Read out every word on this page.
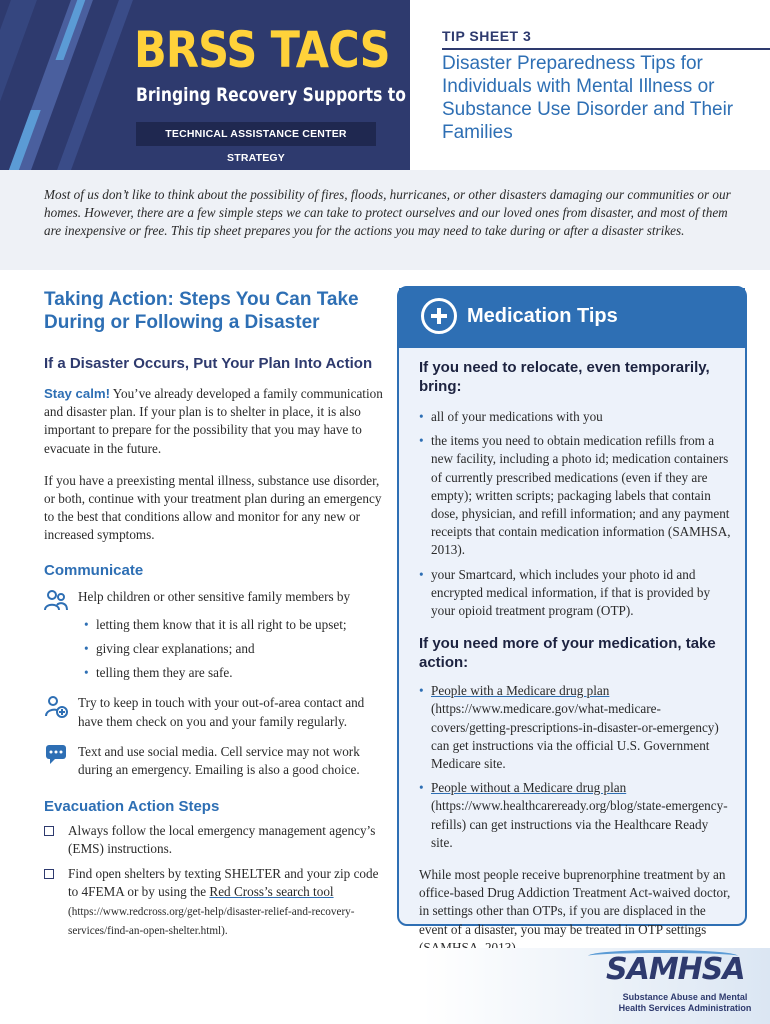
BRSS TACS
Bringing Recovery Supports to Scale
TECHNICAL ASSISTANCE CENTER STRATEGY
TIP SHEET 3
Disaster Preparedness Tips for Individuals with Mental Illness or Substance Use Disorder and Their Families

Most of us don’t like to think about the possibility of fires, floods, hurricanes, or other disasters damaging our communities or our homes. However, there are a few simple steps we can take to protect ourselves and our loved ones from disaster, and most of them are inexpensive or free. This tip sheet prepares you for the actions you may need to take during or after a disaster strikes.

Taking Action: Steps You Can Take During or Following a Disaster
If a Disaster Occurs, Put Your Plan Into Action

Stay calm! You’ve already developed a family communication and disaster plan. If your plan is to shelter in place, it is also important to prepare for the possibility that you may have to evacuate in the future.

If you have a preexisting mental illness, substance use disorder, or both, continue with your treatment plan during an emergency to the best that conditions allow and monitor for any new or increased symptoms.

Communicate
Help children or other sensitive family members by
• letting them know that it is all right to be upset;
• giving clear explanations; and
• telling them they are safe.
Try to keep in touch with your out-of-area contact and have them check on you and your family regularly.
Text and use social media. Cell service may not work during an emergency. Emailing is also a good choice.
Evacuation Action Steps
Always follow the local emergency management agency’s (EMS) instructions.
Find open shelters by texting SHELTER and your zip code to 4FEMA or by using the Red Cross’s search tool (https://www.redcross.org/get-help/disaster-relief-and-recovery-services/find-an-open-shelter.html).
Medication Tips
If you need to relocate, even temporarily, bring:
• all of your medications with you
• the items you need to obtain medication refills from a new facility, including a photo id; medication containers of currently prescribed medications (even if they are empty); written scripts; packaging labels that contain dose, physician, and refill information; and any payment receipts that contain medication information (SAMHSA, 2013).
• your Smartcard, which includes your photo id and encrypted medical information, if that is provided by your opioid treatment program (OTP).
If you need more of your medication, take action:
• People with a Medicare drug plan (https://www.medicare.gov/what-medicare-covers/getting-prescriptions-in-disaster-or-emergency) can get instructions via the official U.S. Government Medicare site.
• People without a Medicare drug plan (https://www.healthcareready.org/blog/state-emergency-refills) can get instructions via the Healthcare Ready site.

While most people receive buprenorphine treatment by an office-based Drug Addiction Treatment Act-waived doctor, in settings other than OTPs, if you are displaced in the event of a disaster, you may be treated in OTP settings

SAMHSA
Substance Abuse and Mental Health Services Administration
